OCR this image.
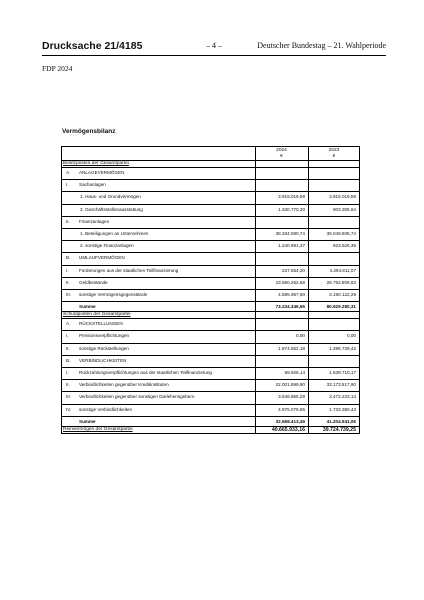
Drucksache 21/4185	– 4 –	Deutscher Bundestag – 21. Wahlperiode
FDP 2024
Vermögensbilanz
2024
€
2023
€
Besitzposten der Gesamtpartei
A. ANLAGEVERMÖGEN
I. Sachanlagen
1. Haus- und Grundvermögen	3.915.019,59	3.915.019,59
2. Geschäftsstellenausstattung	1.330.770,30	903.305,64
II. Finanzanlagen
1. Beteiligungen an Unternehmen	38.334.080,74	39.049.605,74
2. sonstige Finanzanlagen	1.240.691,37	823.626,39
B. UMLAUFVERMÖGEN
I. Forderungen aus der staatlichen Teilfinanzierung	237.554,20	4.294.811,07
II. Geldbestände	23.580.262,58	28.752.809,63
III. sonstige Vermögensgegenstände	4.585.967,90	3.190.122,28
Summe	73.234.346,65	80.929.280,31
Schuldposten der Gesamtpartei
A. RÜCKSTELLUNGEN
I. Pensionsverpflichtungen	0,00	0,00
II. sonstige Rückstellungen	1.874.552,18	1.285.729,42
B. VERBINDLICHKEITEN
I. Rückzahlungsverpflichtungen aus der staatlichen Teilfinanzierung	69.926,14	1.539.710,17
II. Verbindlichkeiten gegenüber Kreditinstituten	22.001.999,80	33.173.517,90
III. Verbindlichkeiten gegenüber sonstigen Darlehensgebern	3.646.855,29	3.472.223,14
IV. sonstige Verbindlichkeiten	4.975.079,95	1.733.360,43
Summe	32.568.413,49	41.204.541,06
Reinvermögen der Gesamtpartei	40.665.933,16	39.724.739,25
